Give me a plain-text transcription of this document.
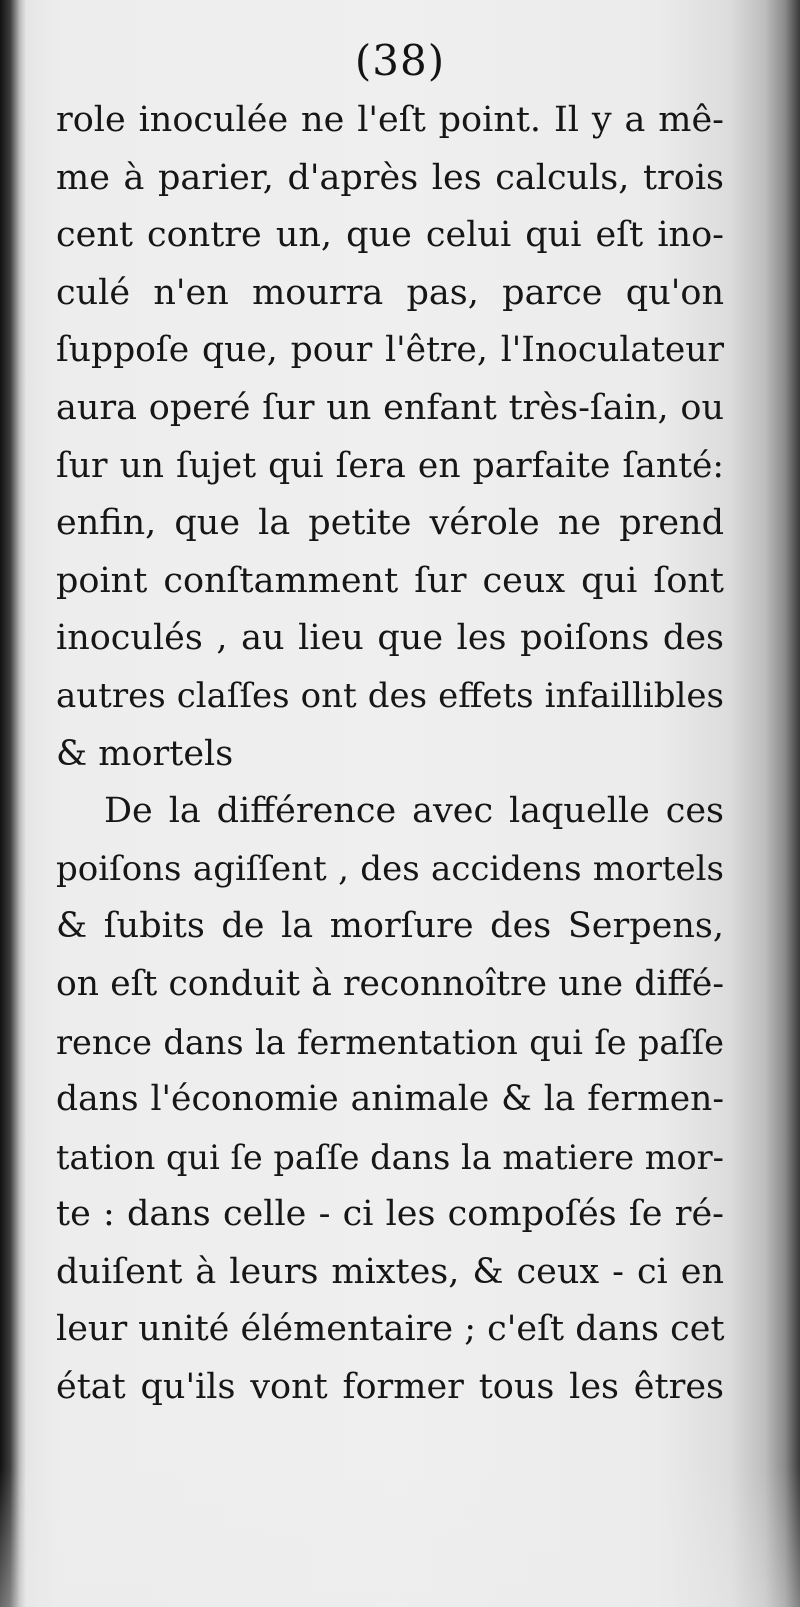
(38)
role inoculée ne l'eſt point. Il y a mê-
me à parier, d'après les calculs, trois
cent contre un, que celui qui eſt ino-
culé n'en mourra pas, parce qu'on
ſuppoſe que, pour l'être, l'Inoculateur
aura operé ſur un enfant très-ſain, ou
ſur un ſujet qui ſera en parfaite ſanté:
enfin, que la petite vérole ne prend
point conſtamment ſur ceux qui ſont
inoculés , au lieu que les poiſons des
autres claſſes ont des effets infaillibles
& mortels
De la différence avec laquelle ces
poiſons agiſſent , des accidens mortels
& ſubits de la morſure des Serpens,
on eſt conduit à reconnoître une diffé-
rence dans la fermentation qui ſe paſſe
dans l'économie animale & la fermen-
tation qui ſe paſſe dans la matiere mor-
te : dans celle - ci les compoſés ſe ré-
duiſent à leurs mixtes, & ceux - ci en
leur unité élémentaire ; c'eſt dans cet
état qu'ils vont former tous les êtres
